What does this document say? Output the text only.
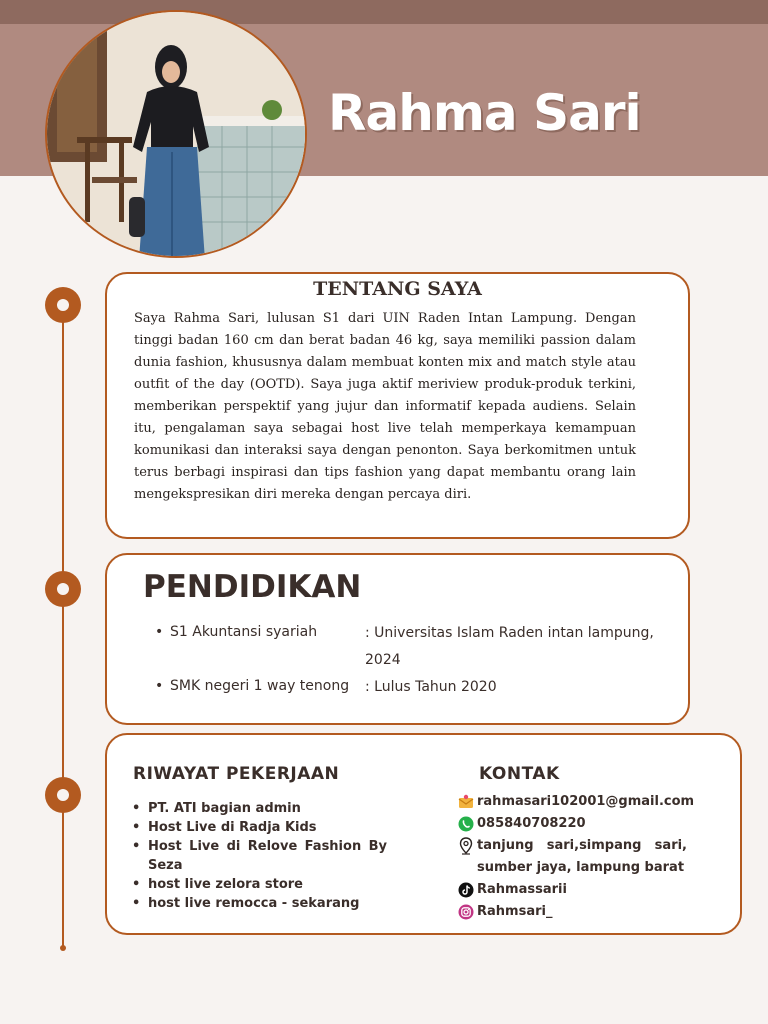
Rahma Sari
TENTANG SAYA
Saya Rahma Sari, lulusan S1 dari UIN Raden Intan Lampung. Dengan tinggi badan 160 cm dan berat badan 46 kg, saya memiliki passion dalam dunia fashion, khususnya dalam membuat konten mix and match style atau outfit of the day (OOTD). Saya juga aktif meriview produk-produk terkini, memberikan perspektif yang jujur dan informatif kepada audiens. Selain itu, pengalaman saya sebagai host live telah memperkaya kemampuan komunikasi dan interaksi saya dengan penonton. Saya berkomitmen untuk terus berbagi inspirasi dan tips fashion yang dapat membantu orang lain mengekspresikan diri mereka dengan percaya diri.
PENDIDIKAN
• S1 Akuntansi syariah	: Universitas Islam Raden intan lampung, 2024
• SMK negeri 1 way tenong : Lulus Tahun 2020
RIWAYAT PEKERJAAN
• PT. ATI bagian admin
• Host Live di Radja Kids
• Host Live di Relove Fashion By Seza
• host live zelora store
• host live remocca - sekarang
KONTAK
rahmasari102001@gmail.com
085840708220
tanjung sari,simpang sari, sumber jaya, lampung barat
Rahmassarii
Rahmsari_
